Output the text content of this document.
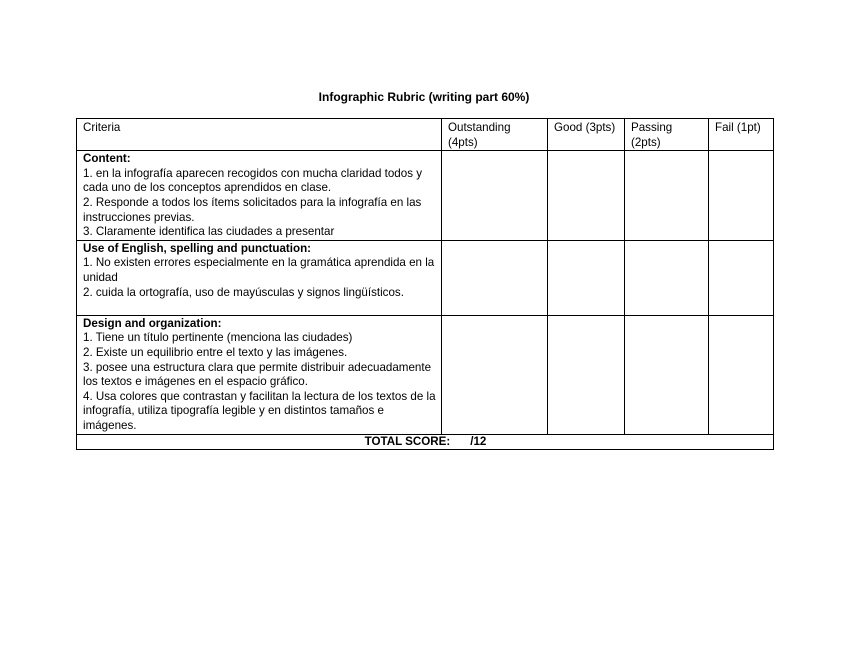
Infographic Rubric (writing part 60%)
Criteria	Outstanding (4pts)	Good (3pts)	Passing (2pts)	Fail (1pt)

Content:
1. en la infografía aparecen recogidos con mucha claridad todos y cada uno de los conceptos aprendidos en clase.
2. Responde a todos los ítems solicitados para la infografía en las instrucciones previas.
3. Claramente identifica las ciudades a presentar				

Use of English, spelling and punctuation:
1. No existen errores especialmente en la gramática aprendida en la unidad
2. cuida la ortografía, uso de mayúsculas y signos lingüísticos.				

Design and organization:
1. Tiene un título pertinente (menciona las ciudades)
2. Existe un equilibrio entre el texto y las imágenes.
3. posee una estructura clara que permite distribuir adecuadamente los textos e imágenes en el espacio gráfico.
4. Usa colores que contrastan y facilitan la lectura de los textos de la infografía, utiliza tipografía legible y en distintos tamaños e imágenes.				

TOTAL SCORE: /12				
